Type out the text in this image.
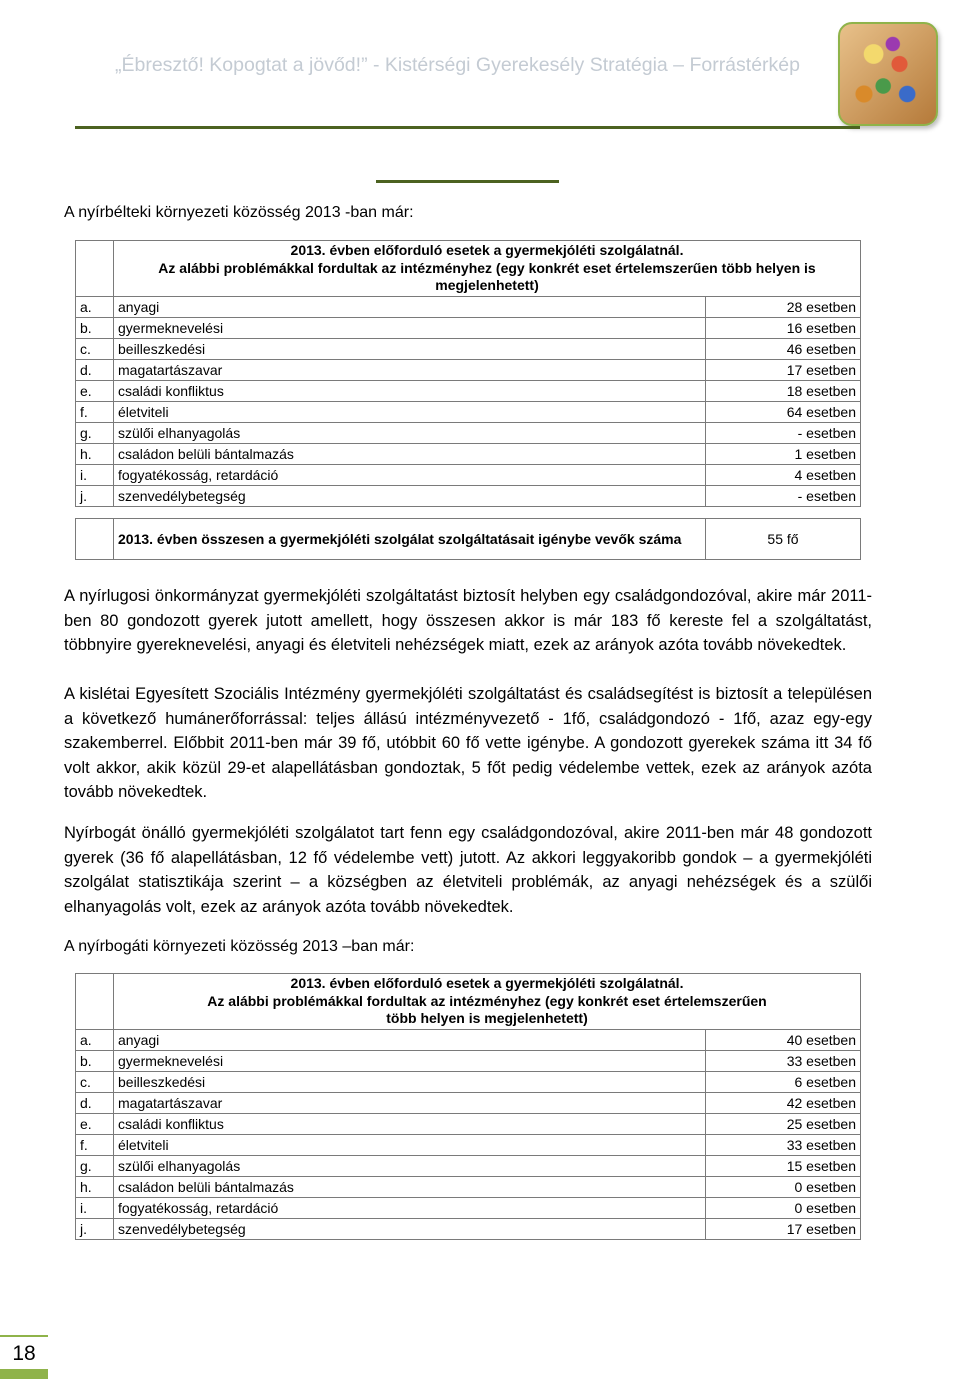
„Ébresztő! Kopogtat a jövőd!” - Kistérségi Gyerekesély Stratégia – Forrástérkép
A nyírbélteki környezeti közösség 2013 -ban már:

	2013. évben előforduló esetek a gyermekjóléti szolgálatnál.
Az alábbi problémákkal fordultak az intézményhez (egy konkrét eset értelemszerűen több helyen is megjelenhetett)	

a.	anyagi	28 esetben
b.	gyermeknevelési	16 esetben
c.	beilleszkedési	46 esetben
d.	magatartászavar	17 esetben
e.	családi konfliktus	18 esetben
f.	életviteli	64 esetben
g.	szülői elhanyagolás	- esetben
h.	családon belüli bántalmazás	1 esetben
i.	fogyatékosság, retardáció	4 esetben
j.	szenvedélybetegség	- esetben
	2013. évben összesen a gyermekjóléti szolgálat szolgáltatásait igénybe vevők száma	55 fő
A nyírlugosi önkormányzat gyermekjóléti szolgáltatást biztosít helyben egy családgondozóval, akire már 2011-ben 80 gondozott gyerek jutott amellett, hogy összesen akkor is már 183 fő kereste fel a szolgáltatást, többnyire gyereknevelési, anyagi és életviteli nehézségek miatt, ezek az arányok azóta tovább növekedtek.
A kislétai Egyesített Szociális Intézmény gyermekjóléti szolgáltatást és családsegítést is biztosít a településen a következő humánerőforrással: teljes állású intézményvezető - 1fő, családgondozó - 1fő, azaz egy-egy szakemberrel. Előbbit 2011-ben már 39 fő, utóbbit 60 fő vette igénybe. A gondozott gyerekek száma itt 34 fő volt akkor, akik közül 29-et alapellátásban gondoztak, 5 főt pedig védelembe vettek, ezek az arányok azóta tovább növekedtek.
Nyírbogát önálló gyermekjóléti szolgálatot tart fenn egy családgondozóval, akire 2011-ben már 48 gondozott gyerek (36 fő alapellátásban, 12 fő védelembe vett) jutott. Az akkori leggyakoribb gondok – a gyermekjóléti szolgálat statisztikája szerint – a községben az életviteli problémák, az anyagi nehézségek és a szülői elhanyagolás volt, ezek az arányok azóta tovább növekedtek.
A nyírbogáti környezeti közösség 2013 –ban már:

	2013. évben előforduló esetek a gyermekjóléti szolgálatnál.
Az alábbi problémákkal fordultak az intézményhez (egy konkrét eset értelemszerűen
több helyen is megjelenhetett)	

a.	anyagi	40 esetben
b.	gyermeknevelési	33 esetben
c.	beilleszkedési	6 esetben
d.	magatartászavar	42 esetben
e.	családi konfliktus	25 esetben
f.	életviteli	33 esetben
g.	szülői elhanyagolás	15 esetben
h.	családon belüli bántalmazás	0 esetben
i.	fogyatékosság, retardáció	0 esetben
j.	szenvedélybetegség	17 esetben
18
